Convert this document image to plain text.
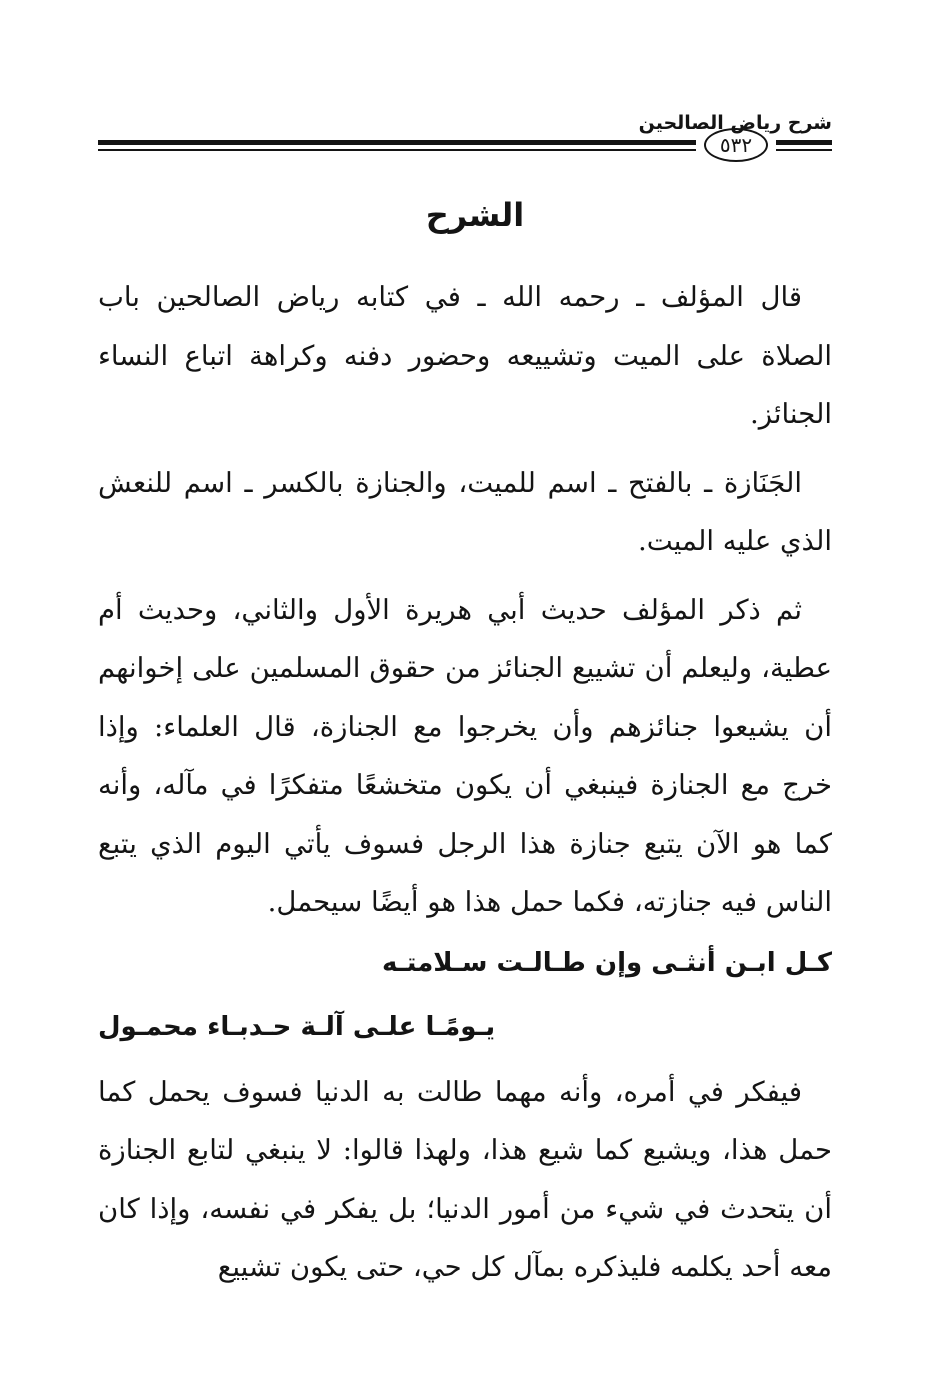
شرح رياض الصالحين
٥٣٢
الشرح

قال المؤلف ـ رحمه الله ـ في كتابه رياض الصالحين باب الصلاة على الميت وتشييعه وحضور دفنه وكراهة اتباع النساء الجنائز.

الجَنَازة ـ بالفتح ـ اسم للميت، والجنازة بالكسر ـ اسم للنعش الذي عليه الميت.

ثم ذكر المؤلف حديث أبي هريرة الأول والثاني، وحديث أم عطية، وليعلم أن تشييع الجنائز من حقوق المسلمين على إخوانهم أن يشيعوا جنائزهم وأن يخرجوا مع الجنازة، قال العلماء: وإذا خرج مع الجنازة فينبغي أن يكون متخشعًا متفكرًا في مآله، وأنه كما هو الآن يتبع جنازة هذا الرجل فسوف يأتي اليوم الذي يتبع الناس فيه جنازته، فكما حمل هذا هو أيضًا سيحمل.

كـل ابـن أنثـى وإن طـالـت سـلامتـه

يـومًـا علـى آلـة حـدبـاء محمـول

فيفكر في أمره، وأنه مهما طالت به الدنيا فسوف يحمل كما حمل هذا، ويشيع كما شيع هذا، ولهذا قالوا: لا ينبغي لتابع الجنازة أن يتحدث في شيء من أمور الدنيا؛ بل يفكر في نفسه، وإذا كان معه أحد يكلمه فليذكره بمآل كل حي، حتى يكون تشييع
